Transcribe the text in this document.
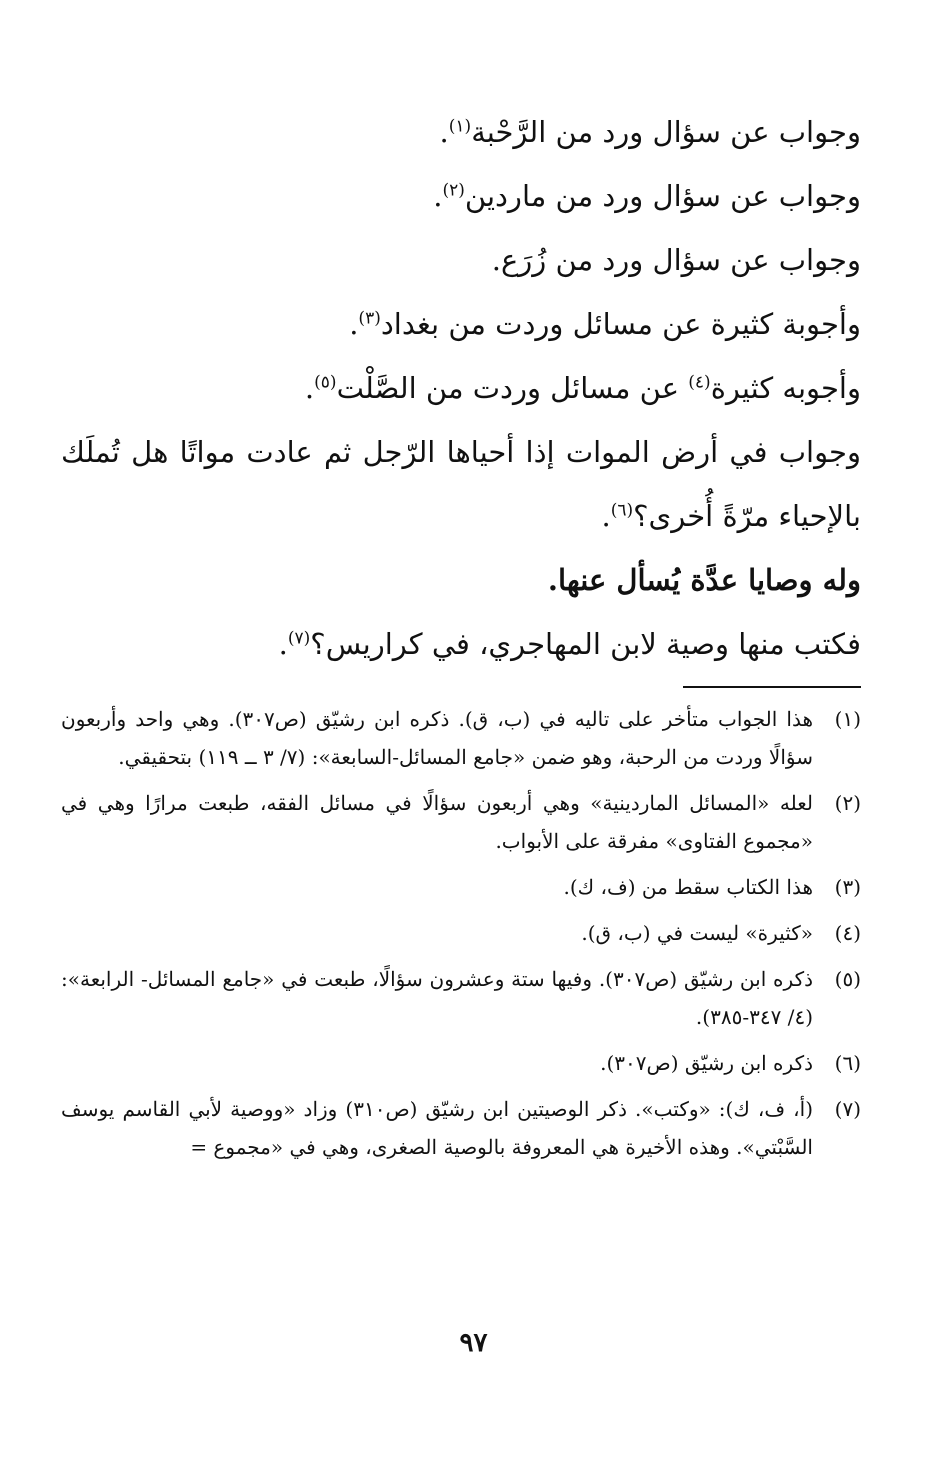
وجواب عن سؤال ورد من الرَّحْبة$^{(١)}$.
وجواب عن سؤال ورد من ماردين$^{(٢)}$.
وجواب عن سؤال ورد من زُرَع.
وأجوبة كثيرة عن مسائل وردت من بغداد$^{(٣)}$.
وأجوبه كثيرة$^{(٤)}$ عن مسائل وردت من الصَّلْت$^{(٥)}$.
وجواب في أرض الموات إذا أحياها الرّجل ثم عادت مواتًا هل تُملَك
بالإحياء مرّةً أُخرى؟$^{(٦)}$.
وله وصايا عدَّة يُسأل عنها.
فكتب منها وصية لابن المهاجري، في كراريس؟$^{(٧)}$.
(١)
هذا الجواب متأخر على تاليه في (ب، ق). ذكره ابن رشيّق (ص٣٠٧). وهي واحد وأربعون سؤالًا وردت من الرحبة، وهو ضمن «جامع المسائل-السابعة»: (٧/ ٣ ــ ١١٩) بتحقيقي.
(٢)
لعله «المسائل الماردينية» وهي أربعون سؤالًا في مسائل الفقه، طبعت مرارًا وهي في «مجموع الفتاوى» مفرقة على الأبواب.
(٣)
هذا الكتاب سقط من (ف، ك).
(٤)
«كثيرة» ليست في (ب، ق).
(٥)
ذكره ابن رشيّق (ص٣٠٧). وفيها ستة وعشرون سؤالًا، طبعت في «جامع المسائل- الرابعة»: (٤/ ٣٤٧-٣٨٥).
(٦)
ذكره ابن رشيّق (ص٣٠٧).
(٧)
(أ، ف، ك): «وكتب». ذكر الوصيتين ابن رشيّق (ص٣١٠) وزاد «ووصية لأبي القاسم يوسف السَّبْتي». وهذه الأخيرة هي المعروفة بالوصية الصغرى، وهي في «مجموع =
٩٧
